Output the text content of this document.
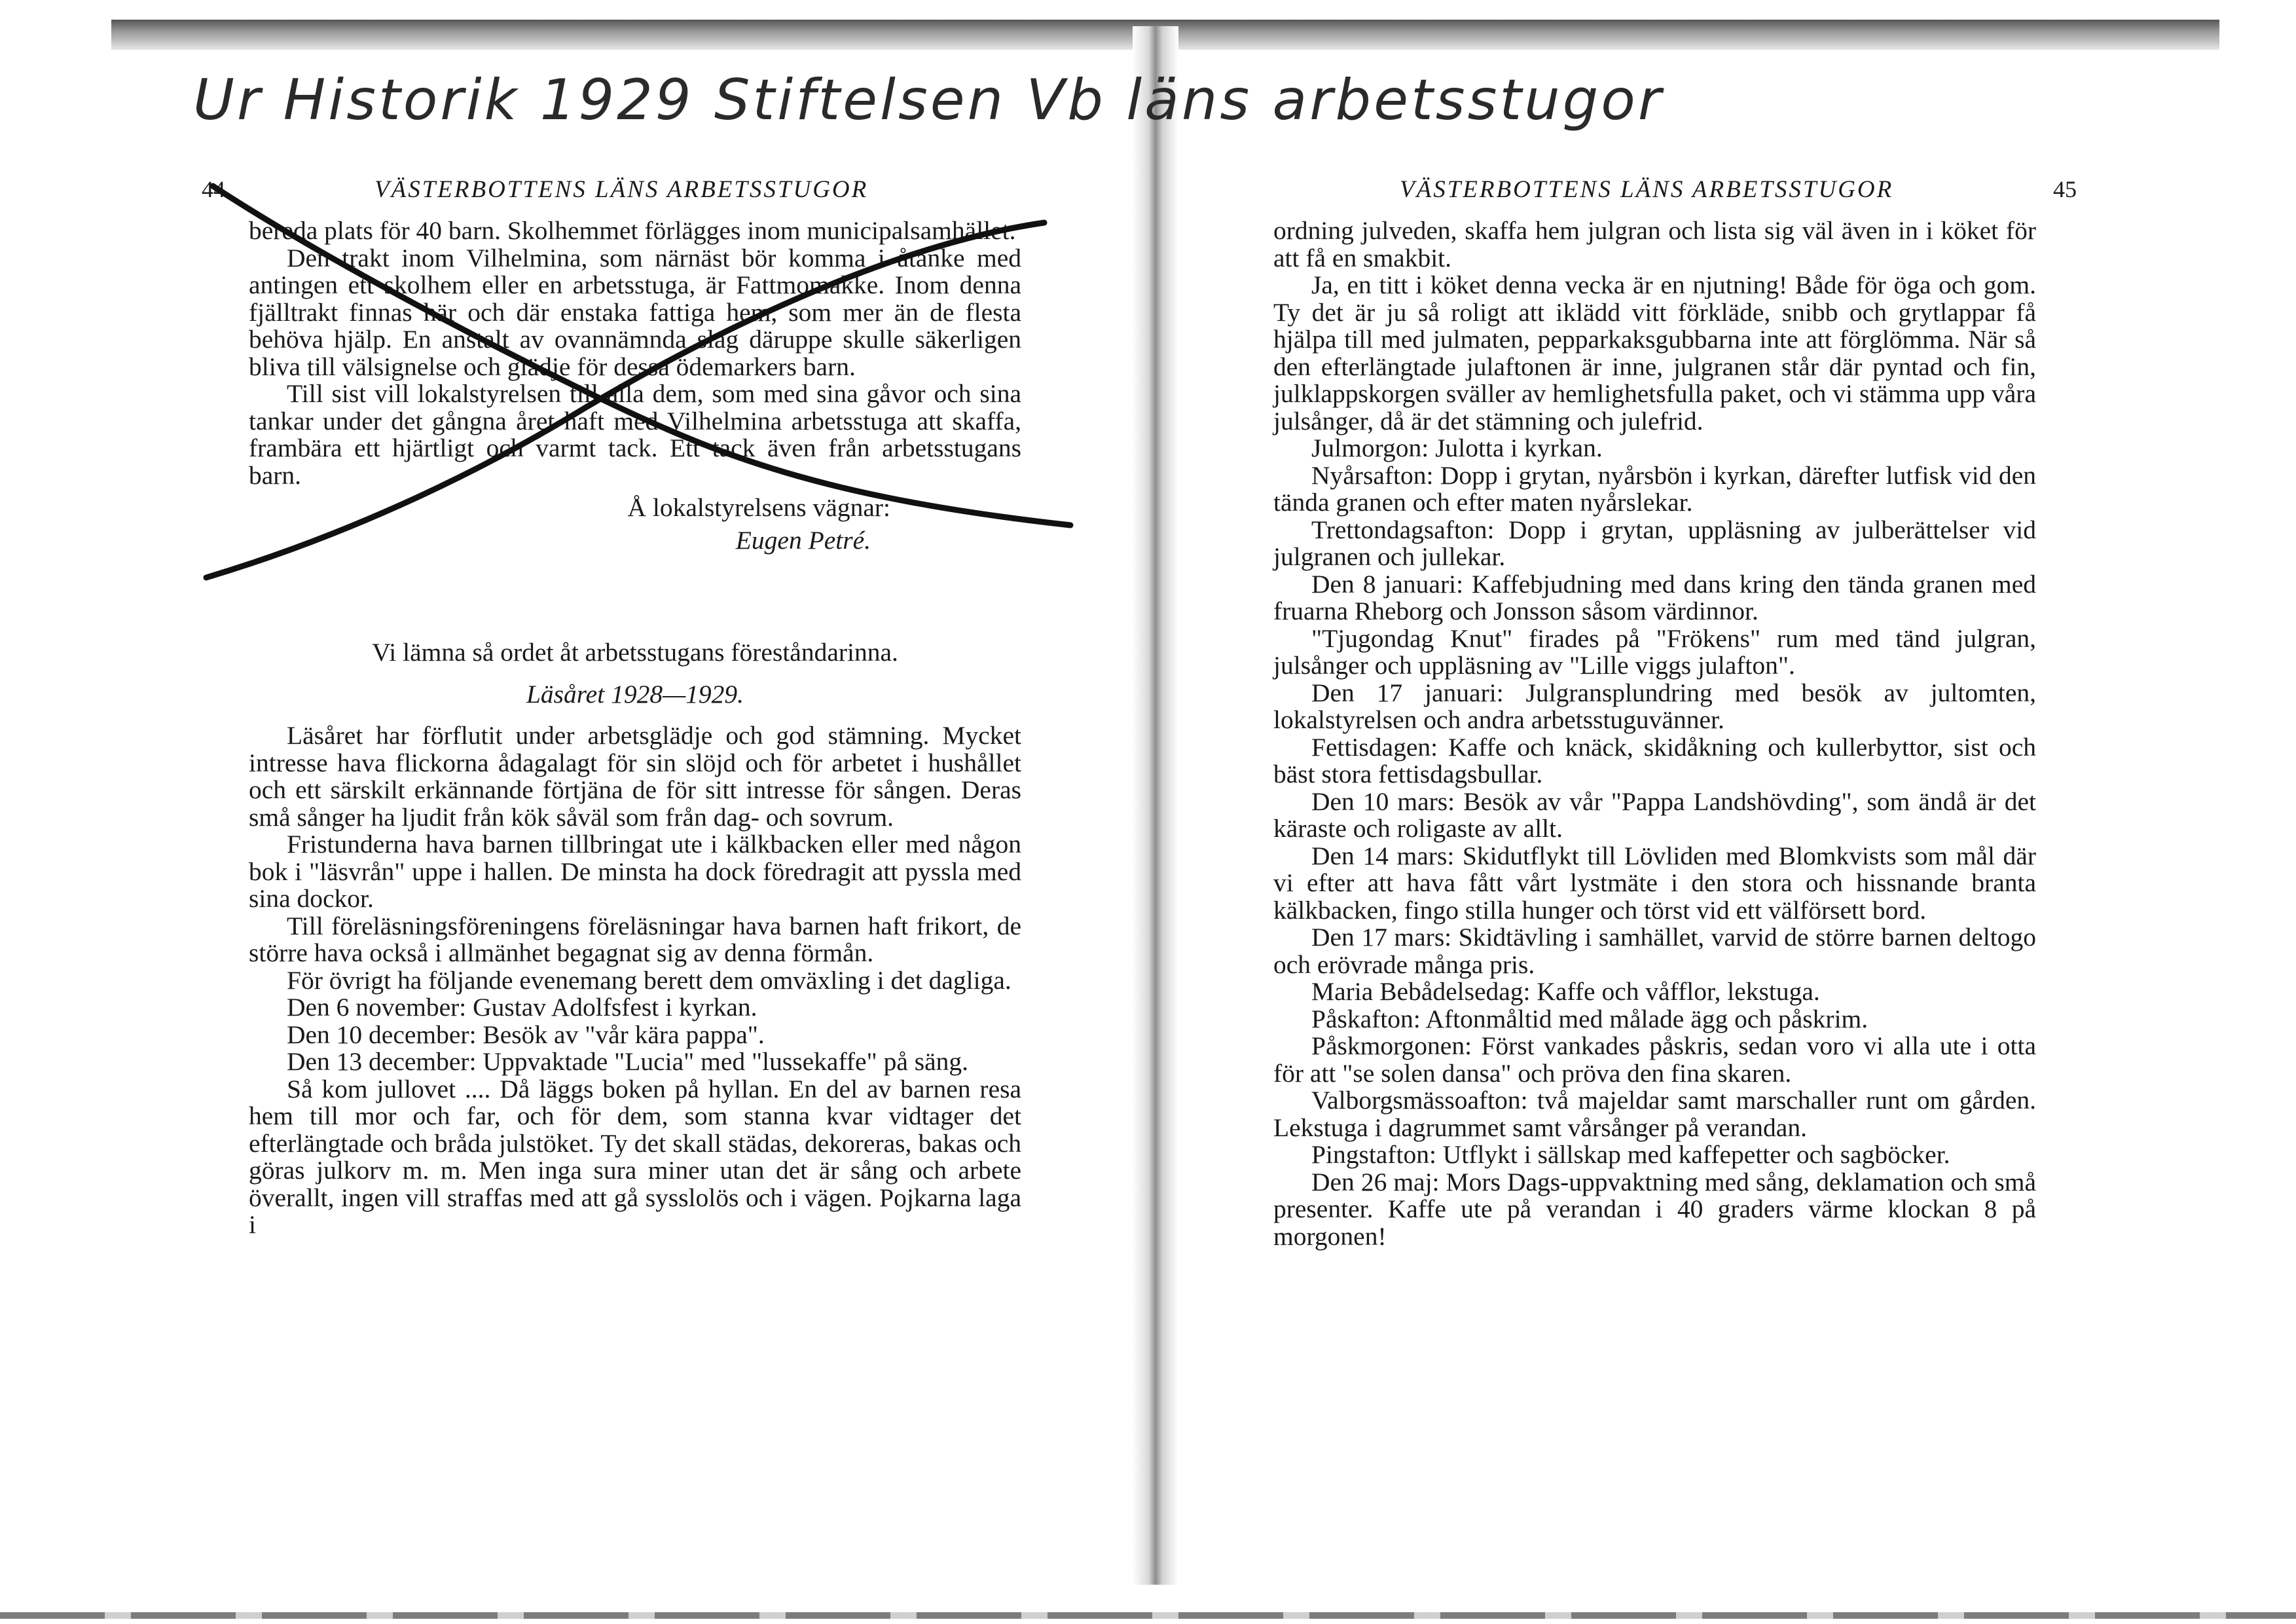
Ur Historik 1929 Stiftelsen Vb läns arbetsstugor
44	VÄSTERBOTTENS LÄNS ARBETSSTUGOR

bereda plats för 40 barn. Skolhemmet förlägges inom municipalsamhället.

Den trakt inom Vilhelmina, som närnäst bör komma i åtanke med antingen ett skolhem eller en arbetsstuga, är Fattmomakke. Inom denna fjälltrakt finnas här och där enstaka fattiga hem, som mer än de flesta behöva hjälp. En anstalt av ovannämnda slag däruppe skulle säkerligen bliva till välsignelse och glädje för dessa ödemarkers barn.

Till sist vill lokalstyrelsen till alla dem, som med sina gåvor och sina tankar under det gångna året haft med Vilhelmina arbetsstuga att skaffa, frambära ett hjärtligt och varmt tack. Ett tack även från arbetsstugans barn.

Å lokalstyrelsens vägnar:

Eugen Petré.

Vi lämna så ordet åt arbetsstugans föreståndarinna.

Läsåret 1928—1929.

Läsåret har förflutit under arbetsglädje och god stämning. Mycket intresse hava flickorna ådagalagt för sin slöjd och för arbetet i hushållet och ett särskilt erkännande förtjäna de för sitt intresse för sången. Deras små sånger ha ljudit från kök såväl som från dag- och sovrum.

Fristunderna hava barnen tillbringat ute i kälkbacken eller med någon bok i "läsvrån" uppe i hallen. De minsta ha dock föredragit att pyssla med sina dockor.

Till föreläsningsföreningens föreläsningar hava barnen haft frikort, de större hava också i allmänhet begagnat sig av denna förmån.

För övrigt ha följande evenemang berett dem omväxling i det dagliga.

Den 6 november: Gustav Adolfsfest i kyrkan.

Den 10 december: Besök av "vår kära pappa".

Den 13 december: Uppvaktade "Lucia" med "lussekaffe" på säng.

Så kom jullovet .... Då läggs boken på hyllan. En del av barnen resa hem till mor och far, och för dem, som stanna kvar vidtager det efterlängtade och bråda julstöket. Ty det skall städas, dekoreras, bakas och göras julkorv m. m. Men inga sura miner utan det är sång och arbete överallt, ingen vill straffas med att gå sysslolös och i vägen. Pojkarna laga i

VÄSTERBOTTENS LÄNS ARBETSSTUGOR	45

ordning julveden, skaffa hem julgran och lista sig väl även in i köket för att få en smakbit.

Ja, en titt i köket denna vecka är en njutning! Både för öga och gom. Ty det är ju så roligt att iklädd vitt förkläde, snibb och grytlappar få hjälpa till med julmaten, pepparkaksgubbarna inte att förglömma. När så den efterlängtade julaftonen är inne, julgranen står där pyntad och fin, julklappskorgen sväller av hemlighetsfulla paket, och vi stämma upp våra julsånger, då är det stämning och julefrid.

Julmorgon: Julotta i kyrkan.

Nyårsafton: Dopp i grytan, nyårsbön i kyrkan, därefter lutfisk vid den tända granen och efter maten nyårslekar.

Trettondagsafton: Dopp i grytan, uppläsning av julberättelser vid julgranen och jullekar.

Den 8 januari: Kaffebjudning med dans kring den tända granen med fruarna Rheborg och Jonsson såsom värdinnor.

"Tjugondag Knut" firades på "Frökens" rum med tänd julgran, julsånger och uppläsning av "Lille viggs julafton".

Den 17 januari: Julgransplundring med besök av jultomten, lokalstyrelsen och andra arbetsstuguvänner.

Fettisdagen: Kaffe och knäck, skidåkning och kullerbyttor, sist och bäst stora fettisdagsbullar.

Den 10 mars: Besök av vår "Pappa Landshövding", som ändå är det käraste och roligaste av allt.

Den 14 mars: Skidutflykt till Lövliden med Blomkvists som mål där vi efter att hava fått vårt lystmäte i den stora och hissnande branta kälkbacken, fingo stilla hunger och törst vid ett välförsett bord.

Den 17 mars: Skidtävling i samhället, varvid de större barnen deltogo och erövrade många pris.

Maria Bebådelsedag: Kaffe och våfflor, lekstuga.

Påskafton: Aftonmåltid med målade ägg och påskrim.

Påskmorgonen: Först vankades påskris, sedan voro vi alla ute i otta för att "se solen dansa" och pröva den fina skaren.

Valborgsmässoafton: två majeldar samt marschaller runt om gården. Lekstuga i dagrummet samt vårsånger på verandan.

Pingstafton: Utflykt i sällskap med kaffepetter och sagböcker.

Den 26 maj: Mors Dags-uppvaktning med sång, deklamation och små presenter. Kaffe ute på verandan i 40 graders värme klockan 8 på morgonen!
